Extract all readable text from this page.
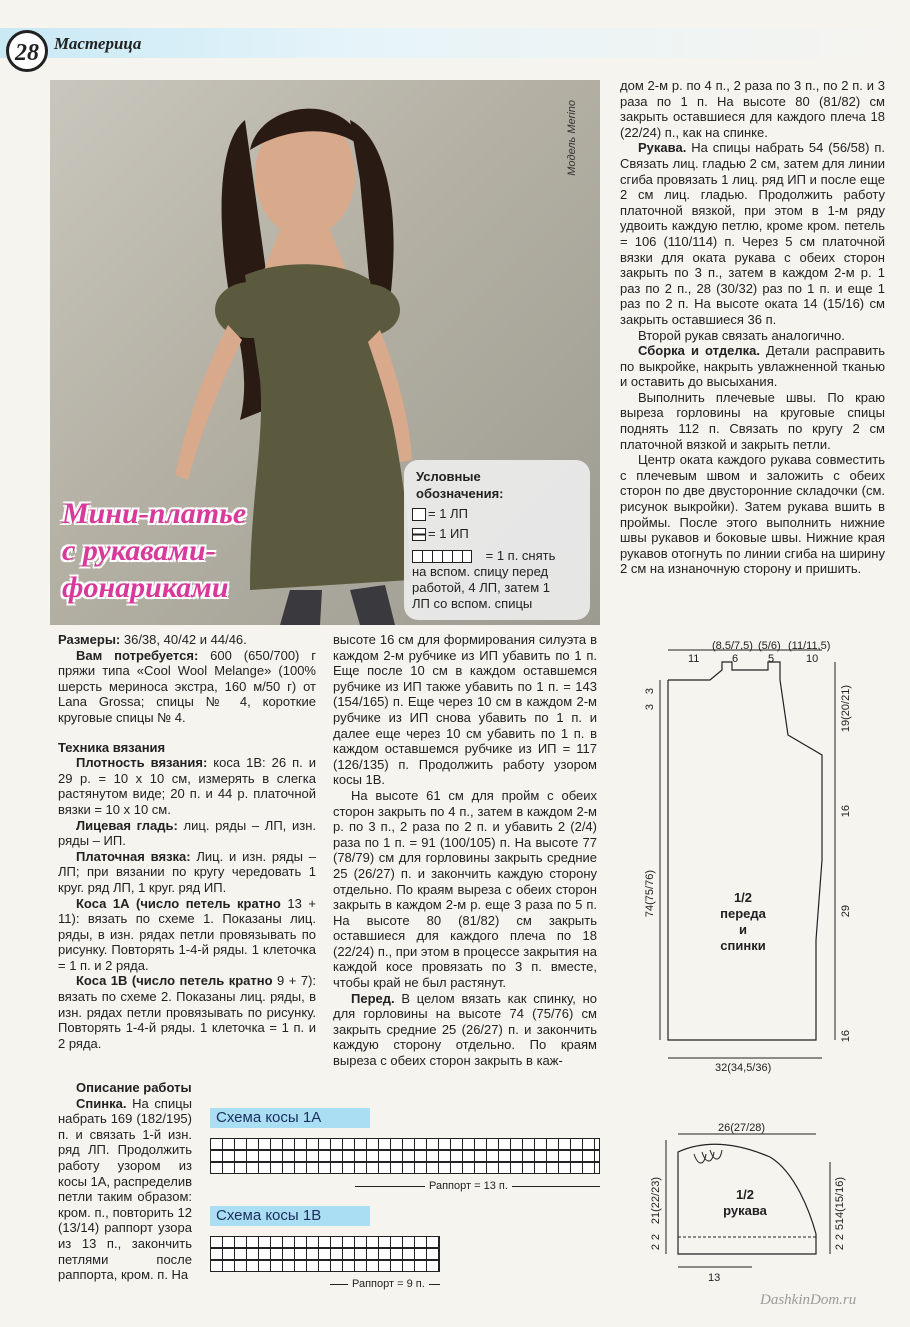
28 Мастерица
Модель Merino
Мини-платье
с рукавами-
фонариками
Условные
обозначения:
= 1 ЛП
= 1 ИП
= 1 п. снять
на вспом. спицу перед
работой, 4 ЛП, затем 1
ЛП со вспом. спицы

дом 2-м р. по 4 п., 2 раза по 3 п., по 2 п. и 3 раза по 1 п. На высоте 80 (81/82) см закрыть оставшиеся для каждого плеча 18 (22/24) п., как на спинке.

Рукава. На спицы набрать 54 (56/58) п. Связать лиц. гладью 2 см, затем для линии сгиба провязать 1 лиц. ряд ИП и после еще 2 см лиц. гладью. Продолжить работу платочной вязкой, при этом в 1-м ряду удвоить каждую петлю, кроме кром. петель = 106 (110/114) п. Через 5 см платочной вязки для оката рукава с обеих сторон закрыть по 3 п., затем в каждом 2-м р. 1 раз по 2 п., 28 (30/32) раз по 1 п. и еще 1 раз по 2 п. На высоте оката 14 (15/16) см закрыть оставшиеся 36 п.

Второй рукав связать аналогично.

Сборка и отделка. Детали расправить по выкройке, накрыть увлажненной тканью и оставить до высыхания.

Выполнить плечевые швы. По краю выреза горловины на круговые спицы поднять 112 п. Связать по кругу 2 см платочной вязкой и закрыть петли.

Центр оката каждого рукава совместить с плечевым швом и заложить с обеих сторон по две двусторонние складочки (см. рисунок выкройки). Затем рукава вшить в проймы. После этого выполнить нижние швы рукавов и боковые швы. Нижние края рукавов отогнуть по линии сгиба на ширину 2 см на изнаночную сторону и пришить.

Размеры: 36/38, 40/42 и 44/46.

Вам потребуется: 600 (650/700) г пряжи типа «Cool Wool Melange» (100% шерсть мериноса экстра, 160 м/50 г) от Lana Grossa; спицы № 4, короткие круговые спицы № 4.

Техника вязания

Плотность вязания: коса 1В: 26 п. и 29 р. = 10 х 10 см, измерять в слегка растянутом виде; 20 п. и 44 р. платочной вязки = 10 х 10 см.

Лицевая гладь: лиц. ряды – ЛП, изн. ряды – ИП.

Платочная вязка: Лиц. и изн. ряды – ЛП; при вязании по кругу чередовать 1 круг. ряд ЛП, 1 круг. ряд ИП.

Коса 1А (число петель кратно 13 + 11): вязать по схеме 1. Показаны лиц. ряды, в изн. рядах петли провязывать по рисунку. Повторять 1-4-й ряды. 1 клеточка = 1 п. и 2 ряда.

Коса 1В (число петель кратно 9 + 7): вязать по схеме 2. Показаны лиц. ряды, в изн. рядах петли провязывать по рисунку. Повторять 1-4-й ряды. 1 клеточка = 1 п. и 2 ряда.

Описание работы

Спинка. На спицы набрать 169 (182/195) п. и связать 1-й изн. ряд ЛП. Продолжить работу узором из косы 1А, распределив петли таким образом: кром. п., повторить 12 (13/14) раппорт узора из 13 п., закончить петлями после раппорта, кром. п. На

высоте 16 см для формирования силуэта в каждом 2-м рубчике из ИП убавить по 1 п. Еще после 10 см в каждом оставшемся рубчике из ИП также убавить по 1 п. = 143 (154/165) п. Еще через 10 см в каждом 2-м рубчике из ИП снова убавить по 1 п. и далее еще через 10 см убавить по 1 п. в каждом оставшемся рубчике из ИП = 117 (126/135) п. Продолжить работу узором косы 1В.

На высоте 61 см для пройм с обеих сторон закрыть по 4 п., затем в каждом 2-м р. по 3 п., 2 раза по 2 п. и убавить 2 (2/4) раза по 1 п. = 91 (100/105) п. На высоте 77 (78/79) см для горловины закрыть средние 25 (26/27) п. и закончить каждую сторону отдельно. По краям выреза с обеих сторон закрыть в каждом 2-м р. еще 3 раза по 5 п. На высоте 80 (81/82) см закрыть оставшиеся для каждого плеча по 18 (22/24) п., при этом в процессе закрытия на каждой косе провязать по 3 п. вместе, чтобы край не был растянут.

Перед. В целом вязать как спинку, но для горловины на высоте 74 (75/76) см закрыть средние 25 (26/27) п. и закончить каждую сторону отдельно. По краям выреза с обеих сторон закрыть в каж-

Схема косы 1А
Раппорт = 13 п.
Схема косы 1В
Раппорт = 9 п.
11
(8,5/7,5)
6
(5/6)
5
(11/11,5)
10
3
3
74(75/76)
19(20/21)
16
29
16
1/2
переда
и
спинки
32(34,5/36)
26(27/28)
21(22/23)
2
2
14(15/16)
5
2
2
1/2
рукава
13
DashkinDom.ru
